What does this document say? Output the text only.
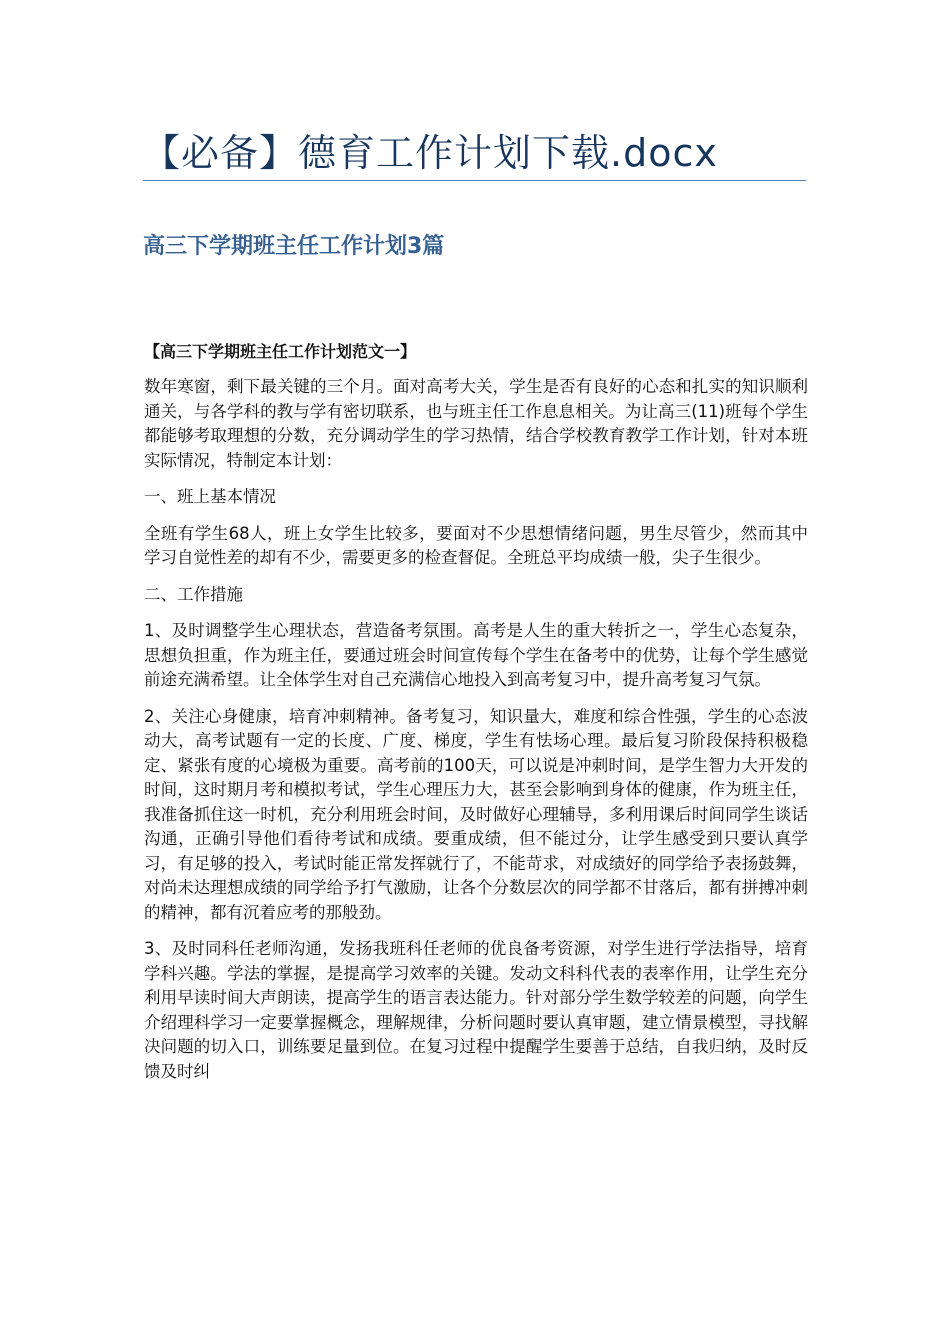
【必备】德育工作计划下载.docx
高三下学期班主任工作计划3篇

【高三下学期班主任工作计划范文一】

数年寒窗，剩下最关键的三个月。面对高考大关，学生是否有良好的心态和扎实的知识顺利通关，与各学科的教与学有密切联系，也与班主任工作息息相关。为让高三(11)班每个学生都能够考取理想的分数，充分调动学生的学习热情，结合学校教育教学工作计划，针对本班实际情况，特制定本计划：

一、班上基本情况

全班有学生68人，班上女学生比较多，要面对不少思想情绪问题，男生尽管少，然而其中学习自觉性差的却有不少，需要更多的检查督促。全班总平均成绩一般，尖子生很少。

二、工作措施

1、及时调整学生心理状态，营造备考氛围。高考是人生的重大转折之一，学生心态复杂，思想负担重，作为班主任，要通过班会时间宣传每个学生在备考中的优势，让每个学生感觉前途充满希望。让全体学生对自己充满信心地投入到高考复习中，提升高考复习气氛。

2、关注心身健康，培育冲刺精神。备考复习，知识量大，难度和综合性强，学生的心态波动大，高考试题有一定的长度、广度、梯度，学生有怯场心理。最后复习阶段保持积极稳定、紧张有度的心境极为重要。高考前的100天，可以说是冲刺时间，是学生智力大开发的时间，这时期月考和模拟考试，学生心理压力大，甚至会影响到身体的健康，作为班主任，我准备抓住这一时机，充分利用班会时间，及时做好心理辅导，多利用课后时间同学生谈话沟通，正确引导他们看待考试和成绩。要重成绩，但不能过分，让学生感受到只要认真学习，有足够的投入，考试时能正常发挥就行了，不能苛求，对成绩好的同学给予表扬鼓舞，对尚未达理想成绩的同学给予打气激励，让各个分数层次的同学都不甘落后，都有拼搏冲刺的精神，都有沉着应考的那般劲。

3、及时同科任老师沟通，发扬我班科任老师的优良备考资源，对学生进行学法指导，培育学科兴趣。学法的掌握，是提高学习效率的关键。发动文科科代表的表率作用，让学生充分利用早读时间大声朗读，提高学生的语言表达能力。针对部分学生数学较差的问题，向学生介绍理科学习一定要掌握概念，理解规律，分析问题时要认真审题，建立情景模型，寻找解决问题的切入口，训练要足量到位。在复习过程中提醒学生要善于总结，自我归纳，及时反馈及时纠
